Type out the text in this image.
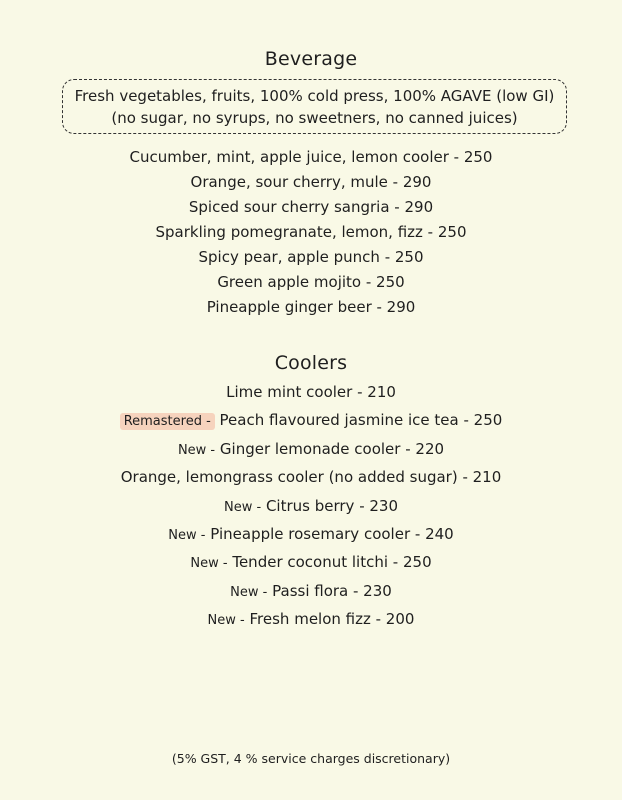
Beverage
Fresh vegetables, fruits, 100% cold press, 100% AGAVE (low GI)
(no sugar, no syrups, no sweetners, no canned juices)
Cucumber, mint, apple juice, lemon cooler - 250
Orange, sour cherry, mule - 290
Spiced sour cherry sangria - 290
Sparkling pomegranate, lemon, fizz - 250
Spicy pear, apple punch - 250
Green apple mojito - 250
Pineapple ginger beer - 290
Coolers
Lime mint cooler - 210
Remastered - Peach flavoured jasmine ice tea - 250
New - Ginger lemonade cooler - 220
Orange, lemongrass cooler (no added sugar) - 210
New - Citrus berry - 230
New - Pineapple rosemary cooler - 240
New - Tender coconut litchi - 250
New - Passi flora - 230
New - Fresh melon fizz - 200
(5% GST, 4 % service charges discretionary)
